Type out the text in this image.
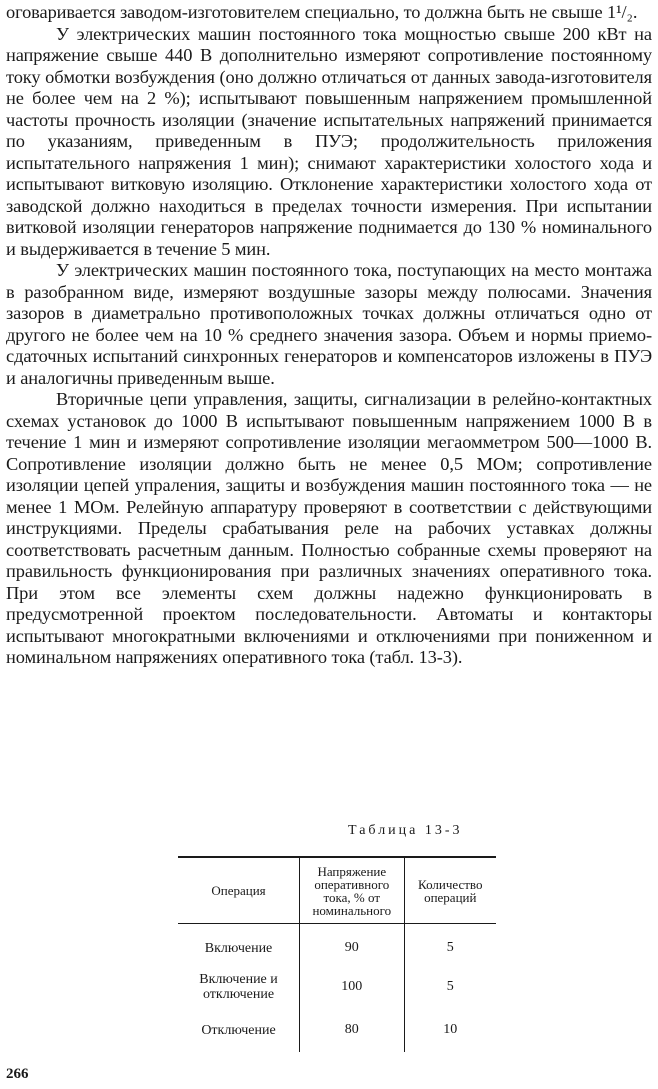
оговаривается заводом-изготовителем специально, то должна быть не свыше 1¹/₂.

У электрических машин постоянного тока мощностью свыше 200 кВт на напряжение свыше 440 В дополнительно измеряют сопротивление постоянному току обмотки возбуждения (оно должно отличаться от данных завода-изготовителя не более чем на 2 %); испытывают повышенным напряжением промышленной частоты прочность изоляции (значение испытательных напряжений принимается по указаниям, приведенным в ПУЭ; продолжительность приложения испытательного напряжения 1 мин); снимают характеристики холостого хода и испытывают витковую изоляцию. Отклонение характеристики холостого хода от заводской должно находиться в пределах точности измерения. При испытании витковой изоляции генераторов напряжение поднимается до 130 % номинального и выдерживается в течение 5 мин.

У электрических машин постоянного тока, поступающих на место монтажа в разобранном виде, измеряют воздушные зазоры между полюсами. Значения зазоров в диаметрально противоположных точках должны отличаться одно от другого не более чем на 10 % среднего значения зазора. Объем и нормы приемо-сдаточных испытаний синхронных генераторов и компенсаторов изложены в ПУЭ и аналогичны приведенным выше.

Вторичные цепи управления, защиты, сигнализации в релейно-контактных схемах установок до 1000 В испытывают повышенным напряжением 1000 В в течение 1 мин и измеряют сопротивление изоляции мегаомметром 500—1000 В. Сопротивление изоляции должно быть не менее 0,5 МОм; сопротивление изоляции цепей упраления, защиты и возбуждения машин постоянного тока — не менее 1 МОм. Релейную аппаратуру проверяют в соответствии с действующими инструкциями. Пределы срабатывания реле на рабочих уставках должны соответствовать расчетным данным. Полностью собранные схемы проверяют на правильность функционирования при различных значениях оперативного тока. При этом все элементы схем должны надежно функционировать в предусмотренной проектом последовательности. Автоматы и контакторы испытывают многократными включениями и отключениями при пониженном и номинальном напряжениях оперативного тока (табл. 13-3).

Таблица 13-3
Операция	Напряжение оперативного тока, % от номинального	Количество операций
Включение	90	5
Включение и отключение	100	5
Отключение	80	10
266
